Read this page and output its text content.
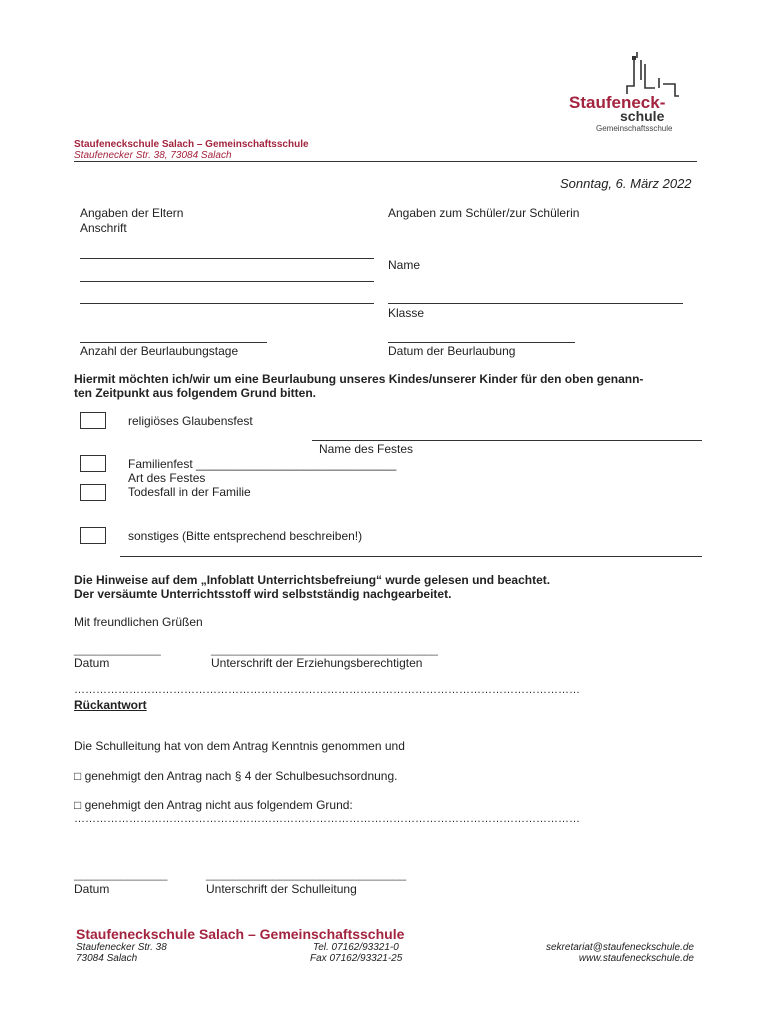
Staufeneck-
schule
Gemeinschaftsschule
Staufeneckschule Salach – Gemeinschaftsschule
Staufenecker Str. 38, 73084 Salach
Sonntag, 6. März 2022
Angaben der Eltern
Anschrift
Angaben zum Schüler/zur Schülerin
Name
Klasse
Anzahl der Beurlaubungstage	Datum der Beurlaubung
Hiermit möchten ich/wir um eine Beurlaubung unseres Kindes/unserer Kinder für den oben genann-
ten Zeitpunkt aus folgendem Grund bitten.
religiöses Glaubensfest
Name des Festes
Familienfest ______________________________
Art des Festes
Todesfall in der Familie
sonstiges (Bitte entsprechend beschreiben!)
Die Hinweise auf dem „Infoblatt Unterrichtsbefreiung“ wurde gelesen und beachtet.
Der versäumte Unterrichtsstoff wird selbstständig nachgearbeitet.
Mit freundlichen Grüßen
_____________	__________________________________
Datum	Unterschrift der Erziehungsberechtigten
…………………………………………………………………………………………………………………………
Rückantwort
Die Schulleitung hat von dem Antrag Kenntnis genommen und
□ genehmigt den Antrag nach § 4 der Schulbesuchsordnung.
□ genehmigt den Antrag nicht aus folgendem Grund:
…………………………………………………………………………………………………………………………
______________	______________________________
Datum	Unterschrift der Schulleitung
Staufeneckschule Salach – Gemeinschaftsschule
Staufenecker Str. 38
73084 Salach
Tel. 07162/93321-0
Fax 07162/93321-25
sekretariat@staufeneckschule.de
www.staufeneckschule.de
